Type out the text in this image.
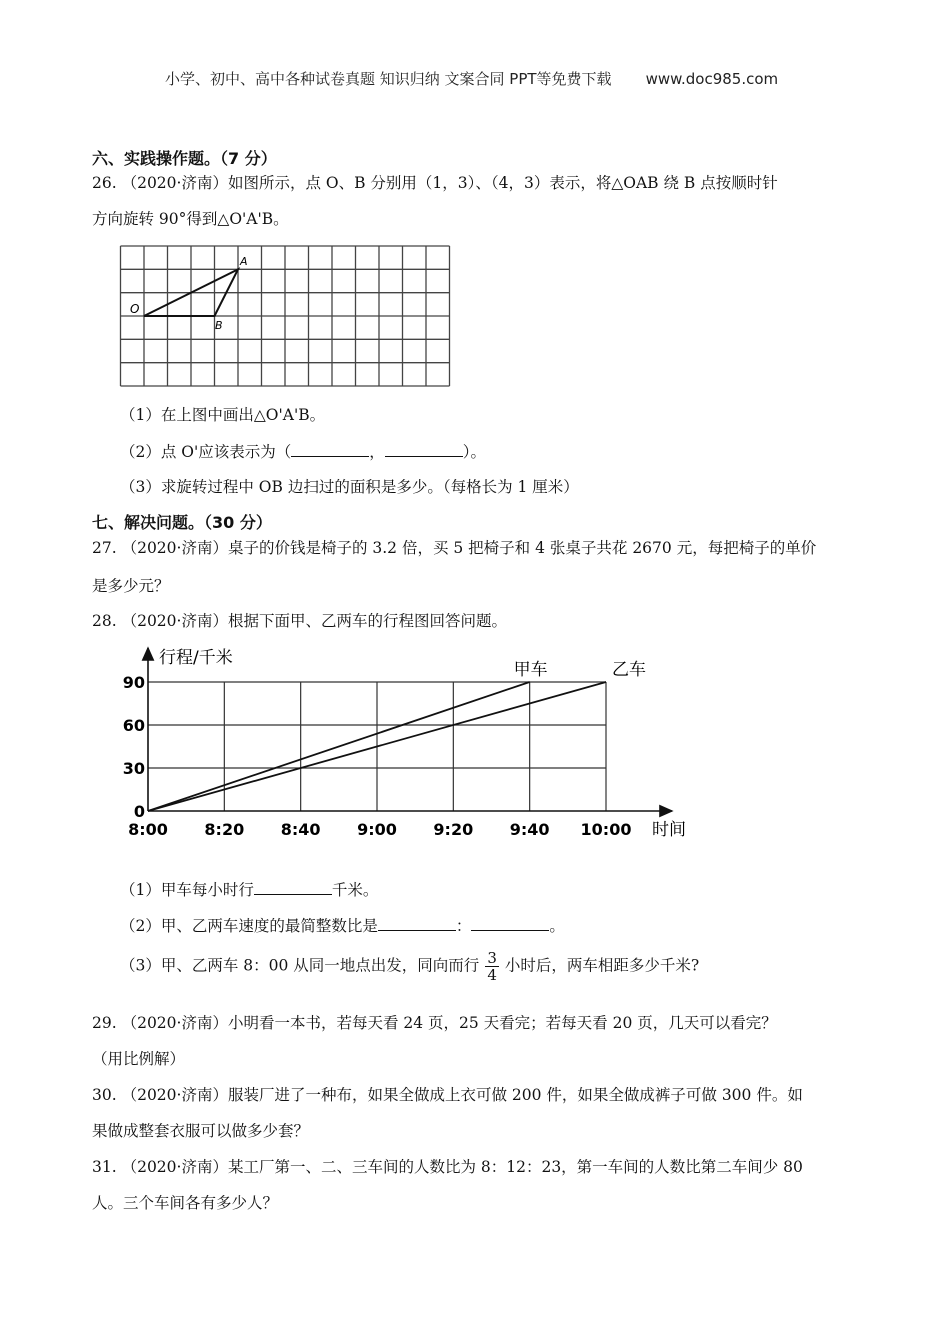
小学、初中、高中各种试卷真题 知识归纳 文案合同 PPT等免费下载 www.doc985.com
六、实践操作题。（7 分）
26. （2020·济南）如图所示，点 O、B 分别用（1，3）、（4，3）表示，将△OAB 绕 B 点按顺时针
方向旋转 90°得到△O'A'B。
O
A
B
（1）在上图中画出△O'A'B。
（2）点 O'应该表示为（	，	）。
（3）求旋转过程中 OB 边扫过的面积是多少。（每格长为 1 厘米）
七、解决问题。（30 分）
27. （2020·济南）桌子的价钱是椅子的 3.2 倍，买 5 把椅子和 4 张桌子共花 2670 元，每把椅子的单价
是多少元？
28. （2020·济南）根据下面甲、乙两车的行程图回答问题。
8:00 8:20 8:40 9:00 9:20 9:40 10:00
0
30
60
90
甲车	乙车
行程/千米
时间
（1）甲车每小时行	千米。
（2）甲、乙两车速度的最简整数比是	：	。
（3）甲、乙两车 8：00 从同一地点出发，同向而行 $\frac{3}{4}$ 小时后，两车相距多少千米?
29. （2020·济南）小明看一本书，若每天看 24 页，25 天看完；若每天看 20 页，几天可以看完？
（用比例解）
30. （2020·济南）服装厂进了一种布，如果全做成上衣可做 200 件，如果全做成裤子可做 300 件。如
果做成整套衣服可以做多少套？
31. （2020·济南）某工厂第一、二、三车间的人数比为 8：12：23，第一车间的人数比第二车间少 80
人。三个车间各有多少人？
